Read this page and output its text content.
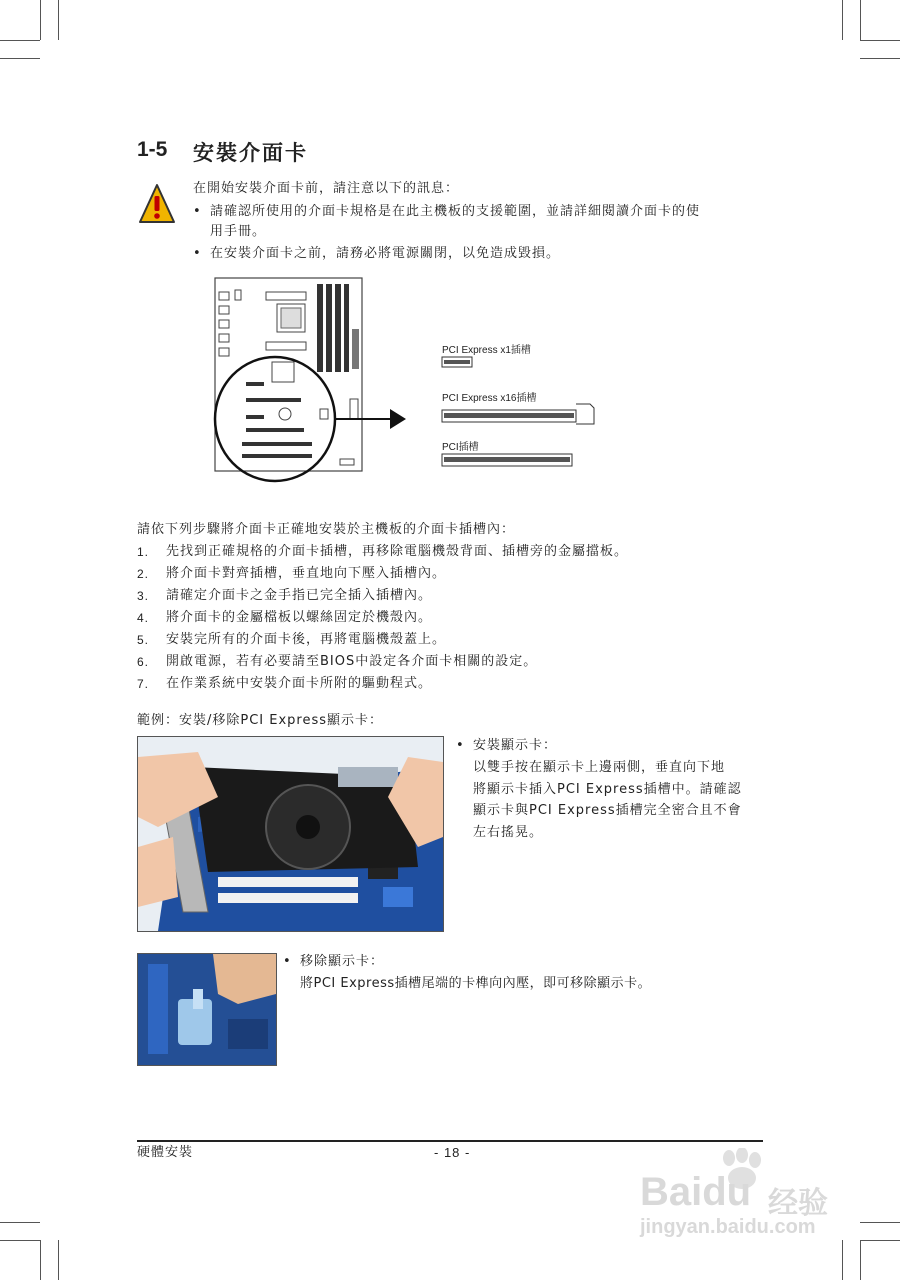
1-5 安裝介面卡
在開始安裝介面卡前，請注意以下的訊息：
• 請確認所使用的介面卡規格是在此主機板的支援範圍，並請詳細閱讀介面卡的使
用手冊。
• 在安裝介面卡之前，請務必將電源關閉，以免造成毀損。
PCI Express x1插槽
PCI Express x16插槽
PCI插槽
請依下列步驟將介面卡正確地安裝於主機板的介面卡插槽內：
1. 先找到正確規格的介面卡插槽，再移除電腦機殼背面、插槽旁的金屬擋板。
2. 將介面卡對齊插槽，垂直地向下壓入插槽內。
3. 請確定介面卡之金手指已完全插入插槽內。
4. 將介面卡的金屬檔板以螺絲固定於機殼內。
5. 安裝完所有的介面卡後，再將電腦機殼蓋上。
6. 開啟電源，若有必要請至BIOS中設定各介面卡相關的設定。
7. 在作業系統中安裝介面卡所附的驅動程式。
範例：安裝/移除PCI Express顯示卡：
• 安裝顯示卡：
以雙手按在顯示卡上邊兩側，垂直向下地
將顯示卡插入PCI Express插槽中。請確認
顯示卡與PCI Express插槽完全密合且不會
左右搖晃。
• 移除顯示卡：
將PCI Express插槽尾端的卡榫向內壓，即可移除顯示卡。
硬體安裝	- 18 -
Baidu 经验
jingyan.baidu.com
